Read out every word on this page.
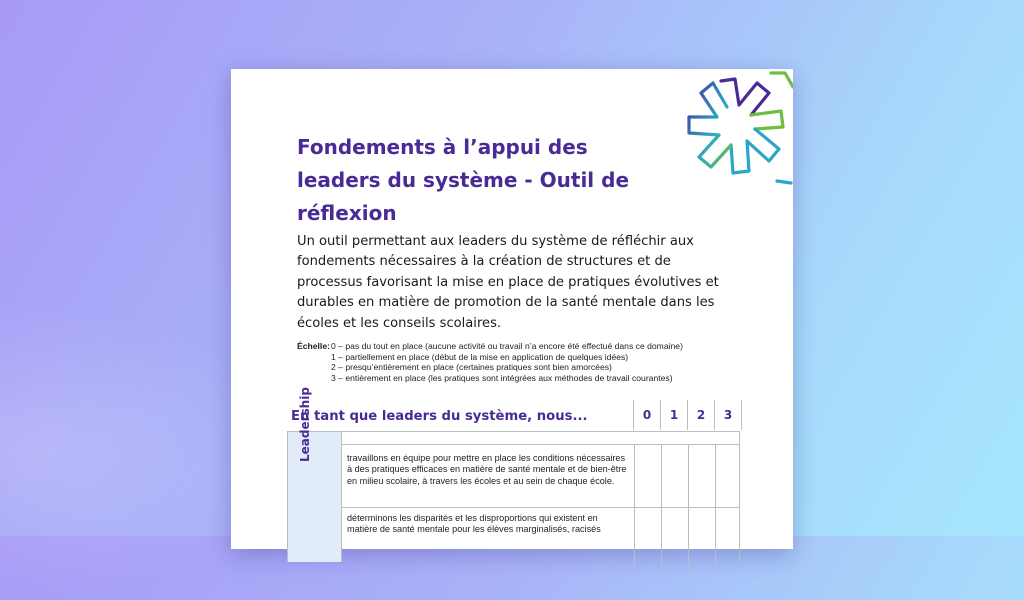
Fondements à l’appui des leaders du système - Outil de réflexion

Un outil permettant aux leaders du système de réfléchir aux fondements nécessaires à la création de structures et de processus favorisant la mise en place de pratiques évolutives et durables en matière de promotion de la santé mentale dans les écoles et les conseils scolaires.

Échelle: 0 – pas du tout en place (aucune activité ou travail n’a encore été effectué dans ce domaine)
1 – partiellement en place (début de la mise en application de quelques idées)
2 – presqu’entièrement en place (certaines pratiques sont bien amorcées)
3 – entièrement en place (les pratiques sont intégrées aux méthodes de travail courantes)
En tant que leaders du système, nous...	0	1	2	3
Leadership	travaillons en équipe pour mettre en place les conditions nécessaires à des pratiques efficaces en matière de santé mentale et de bien-être en milieu scolaire, à travers les écoles et au sein de chaque école.
déterminons les disparités et les disproportions qui existent en matière de santé mentale pour les élèves marginalisés, racisés
